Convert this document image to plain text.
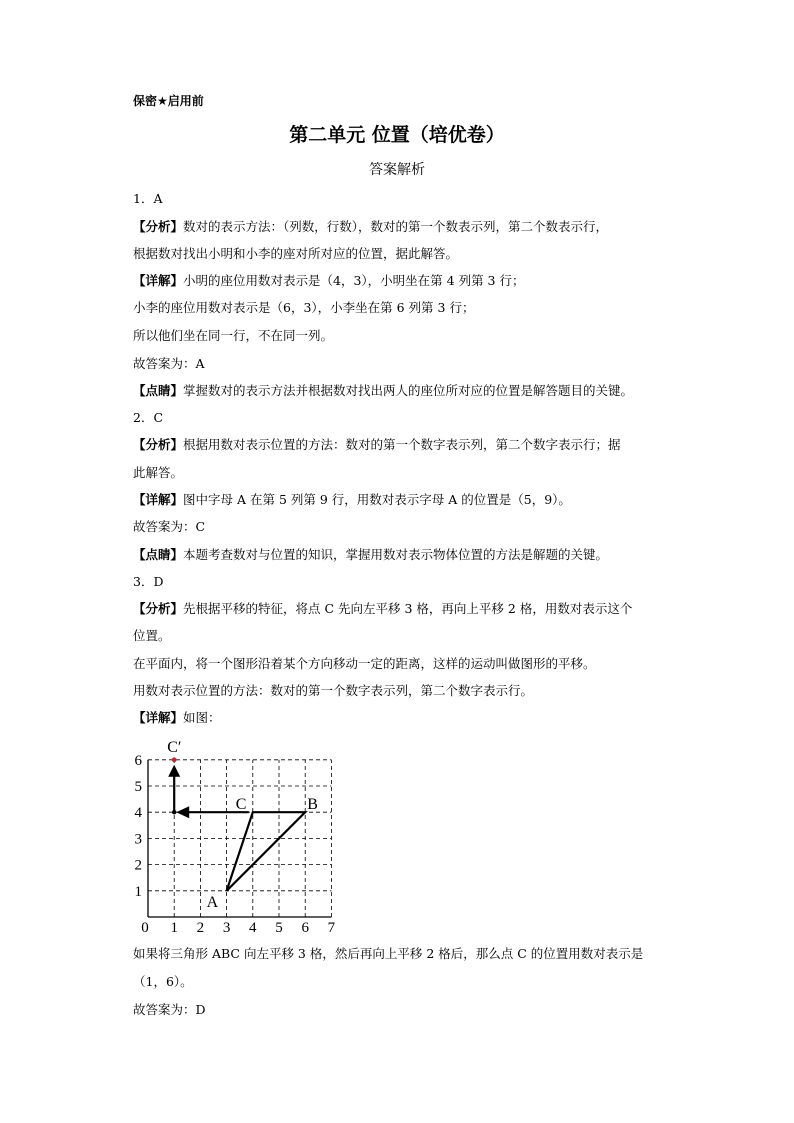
保密★启用前
第二单元 位置（培优卷）
答案解析
1．A
【分析】数对的表示方法：（列数，行数），数对的第一个数表示列，第二个数表示行，
根据数对找出小明和小李的座对所对应的位置，据此解答。
【详解】小明的座位用数对表示是（4，3），小明坐在第 4 列第 3 行；
小李的座位用数对表示是（6，3），小李坐在第 6 列第 3 行；
所以他们坐在同一行，不在同一列。
故答案为：A
【点睛】掌握数对的表示方法并根据数对找出两人的座位所对应的位置是解答题目的关键。
2．C
【分析】根据用数对表示位置的方法：数对的第一个数字表示列，第二个数字表示行；据
此解答。
【详解】图中字母 A 在第 5 列第 9 行，用数对表示字母 A 的位置是（5，9）。
故答案为：C
【点睛】本题考查数对与位置的知识，掌握用数对表示物体位置的方法是解题的关键。
3．D
【分析】先根据平移的特征，将点 C 先向左平移 3 格，再向上平移 2 格，用数对表示这个
位置。
在平面内，将一个图形沿着某个方向移动一定的距离，这样的运动叫做图形的平移。
用数对表示位置的方法：数对的第一个数字表示列，第二个数字表示行。
【详解】如图：
0 1 2 3 4 5 6 7
1
2
3
4
5
6
A
B
C
C′
如果将三角形 ABC 向左平移 3 格，然后再向上平移 2 格后，那么点 C 的位置用数对表示是
（1，6）。
故答案为：D
